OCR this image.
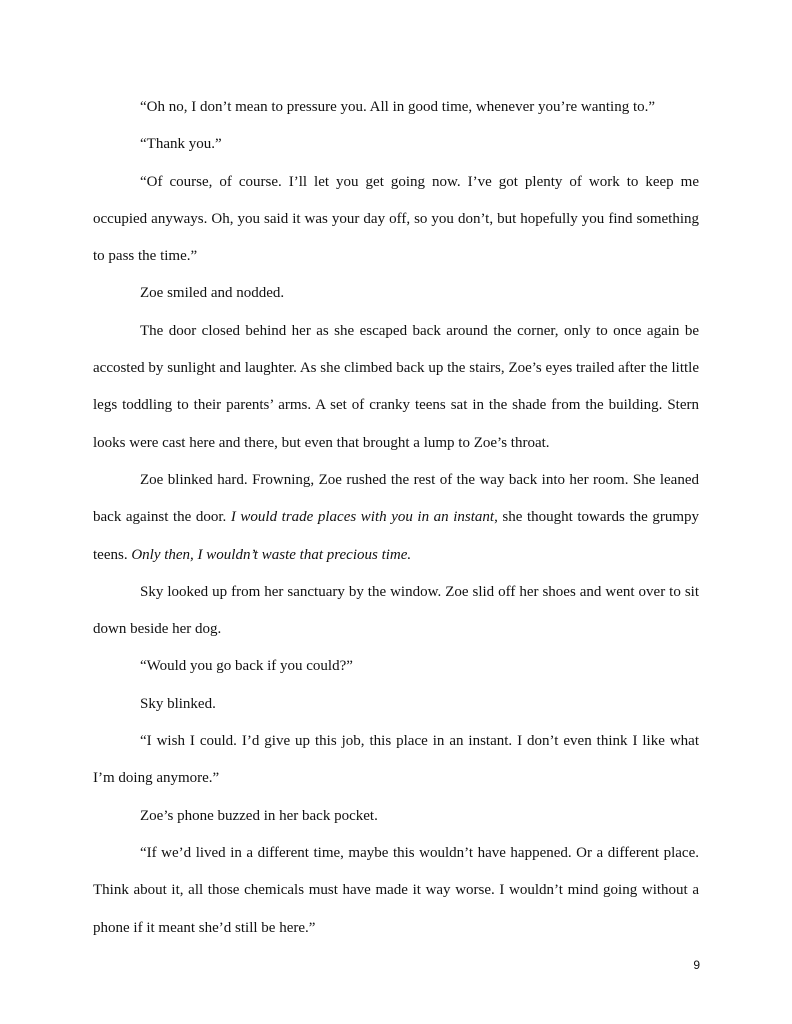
“Oh no, I don’t mean to pressure you. All in good time, whenever you’re wanting to.”

“Thank you.”

“Of course, of course. I’ll let you get going now. I’ve got plenty of work to keep me occupied anyways. Oh, you said it was your day off, so you don’t, but hopefully you find something to pass the time.”

Zoe smiled and nodded.

The door closed behind her as she escaped back around the corner, only to once again be accosted by sunlight and laughter. As she climbed back up the stairs, Zoe’s eyes trailed after the little legs toddling to their parents’ arms. A set of cranky teens sat in the shade from the building. Stern looks were cast here and there, but even that brought a lump to Zoe’s throat.

Zoe blinked hard. Frowning, Zoe rushed the rest of the way back into her room. She leaned back against the door. I would trade places with you in an instant, she thought towards the grumpy teens. Only then, I wouldn’t waste that precious time.

Sky looked up from her sanctuary by the window. Zoe slid off her shoes and went over to sit down beside her dog.

“Would you go back if you could?”

Sky blinked.

“I wish I could. I’d give up this job, this place in an instant. I don’t even think I like what I’m doing anymore.”

Zoe’s phone buzzed in her back pocket.

“If we’d lived in a different time, maybe this wouldn’t have happened. Or a different place. Think about it, all those chemicals must have made it way worse. I wouldn’t mind going without a phone if it meant she’d still be here.”

9
